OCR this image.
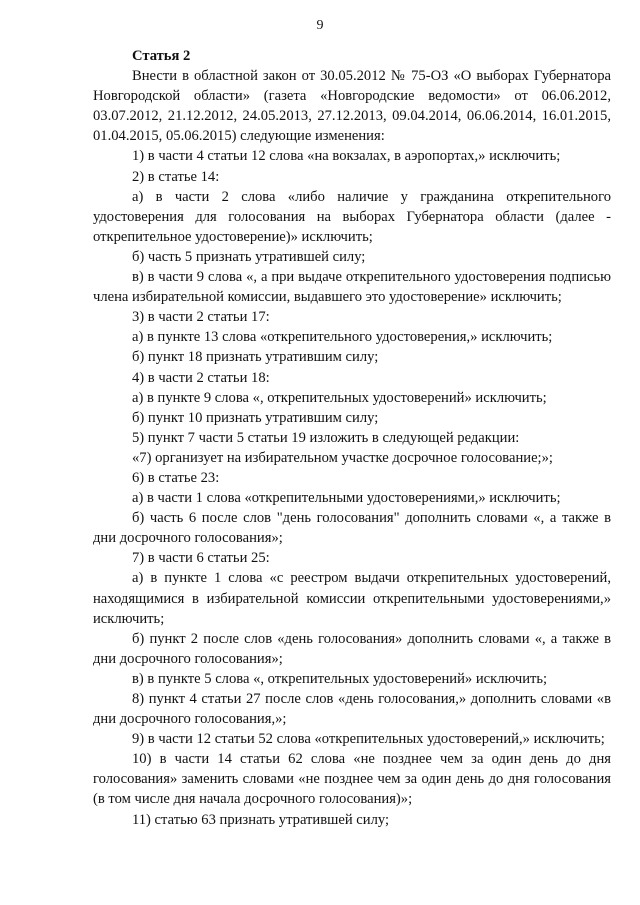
9

Статья 2

Внести в областной закон от 30.05.2012 № 75-ОЗ «О выборах Губернатора Новгородской области» (газета «Новгородские ведомости» от 06.06.2012, 03.07.2012, 21.12.2012, 24.05.2013, 27.12.2013, 09.04.2014, 06.06.2014, 16.01.2015, 01.04.2015, 05.06.2015) следующие изменения:

1) в части 4 статьи 12 слова «на вокзалах, в аэропортах,» исключить;

2) в статье 14:

а) в части 2 слова «либо наличие у гражданина открепительного удостоверения для голосования на выборах Губернатора области (далее - открепительное удостоверение)» исключить;

б) часть 5 признать утратившей силу;

в) в части 9 слова «, а при выдаче открепительного удостоверения подписью члена избирательной комиссии, выдавшего это удостоверение» исключить;

3) в части 2 статьи 17:

а) в пункте 13 слова «открепительного удостоверения,» исключить;

б) пункт 18 признать утратившим силу;

4) в части 2 статьи 18:

а) в пункте 9 слова «, открепительных удостоверений» исключить;

б) пункт 10 признать утратившим силу;

5) пункт 7 части 5 статьи 19 изложить в следующей редакции:

«7) организует на избирательном участке досрочное голосование;»;

6) в статье 23:

а) в части 1 слова «открепительными удостоверениями,» исключить;

б) часть 6 после слов "день голосования" дополнить словами «, а также в дни досрочного голосования»;

7) в части 6 статьи 25:

а) в пункте 1 слова «с реестром выдачи открепительных удостоверений, находящимися в избирательной комиссии открепительными удостоверениями,» исключить;

б) пункт 2 после слов «день голосования» дополнить словами «, а также в дни досрочного голосования»;

в) в пункте 5 слова «, открепительных удостоверений» исключить;

8) пункт 4 статьи 27 после слов «день голосования,» дополнить словами «в дни досрочного голосования,»;

9) в части 12 статьи 52 слова «открепительных удостоверений,» исключить;

10) в части 14 статьи 62 слова «не позднее чем за один день до дня голосования» заменить словами «не позднее чем за один день до дня голосования (в том числе дня начала досрочного голосования)»;

11) статью 63 признать утратившей силу;
